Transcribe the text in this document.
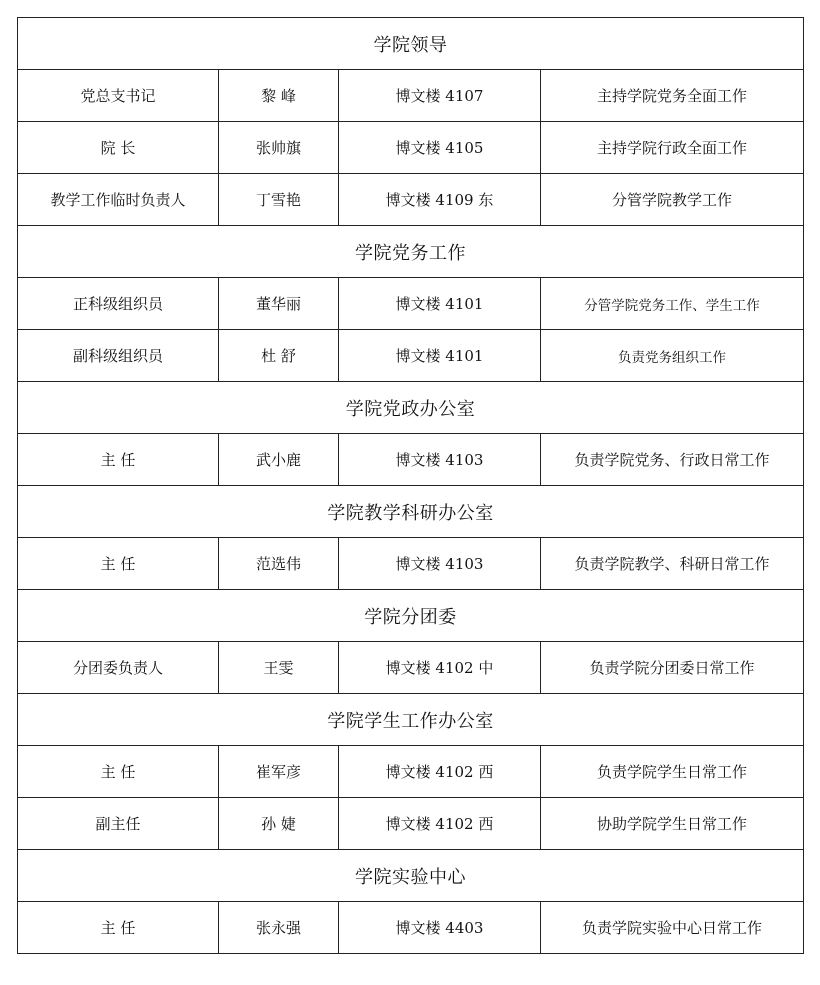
学院领导			
党总支书记	黎 峰	博文楼 4107	主持学院党务全面工作
院 长	张帅旗	博文楼 4105	主持学院行政全面工作
教学工作临时负责人	丁雪艳	博文楼 4109 东	分管学院教学工作
学院党务工作			
正科级组织员	董华丽	博文楼 4101	分管学院党务工作、学生工作
副科级组织员	杜 舒	博文楼 4101	负责党务组织工作
学院党政办公室			
主 任	武小鹿	博文楼 4103	负责学院党务、行政日常工作
学院教学科研办公室			
主 任	范选伟	博文楼 4103	负责学院教学、科研日常工作
学院分团委			
分团委负责人	王雯	博文楼 4102 中	负责学院分团委日常工作
学院学生工作办公室			
主 任	崔军彦	博文楼 4102 西	负责学院学生日常工作
副主任	孙 婕	博文楼 4102 西	协助学院学生日常工作
学院实验中心			
主 任	张永强	博文楼 4403	负责学院实验中心日常工作
